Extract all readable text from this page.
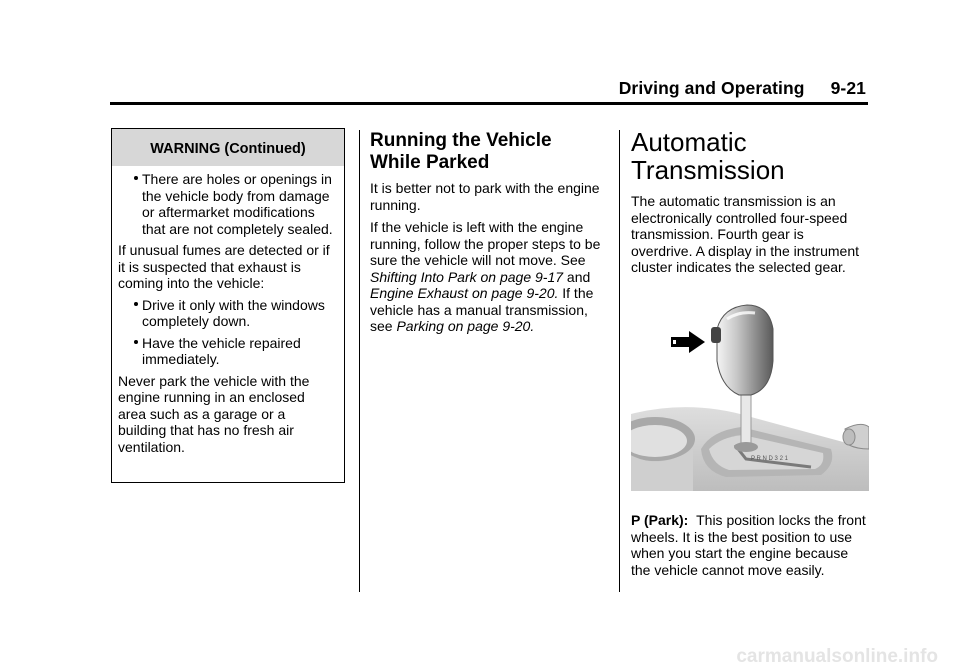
Driving and Operating 9-21
WARNING (Continued)

There are holes or openings in the vehicle body from damage or aftermarket modifications that are not completely sealed.

If unusual fumes are detected or if it is suspected that exhaust is coming into the vehicle:

Drive it only with the windows completely down.

Have the vehicle repaired immediately.

Never park the vehicle with the engine running in an enclosed area such as a garage or a building that has no fresh air ventilation.

Running the Vehicle
While Parked

It is better not to park with the engine running.

If the vehicle is left with the engine running, follow the proper steps to be sure the vehicle will not move. See Shifting Into Park on page 9-17 and Engine Exhaust on page 9-20. If the vehicle has a manual transmission, see Parking on page 9-20.

Automatic
Transmission

The automatic transmission is an electronically controlled four-speed transmission. Fourth gear is overdrive. A display in the instrument cluster indicates the selected gear.

P R N D 3 2 1

P (Park): This position locks the front wheels. It is the best position to use when you start the engine because the vehicle cannot move easily.

carmanualsonline.info
